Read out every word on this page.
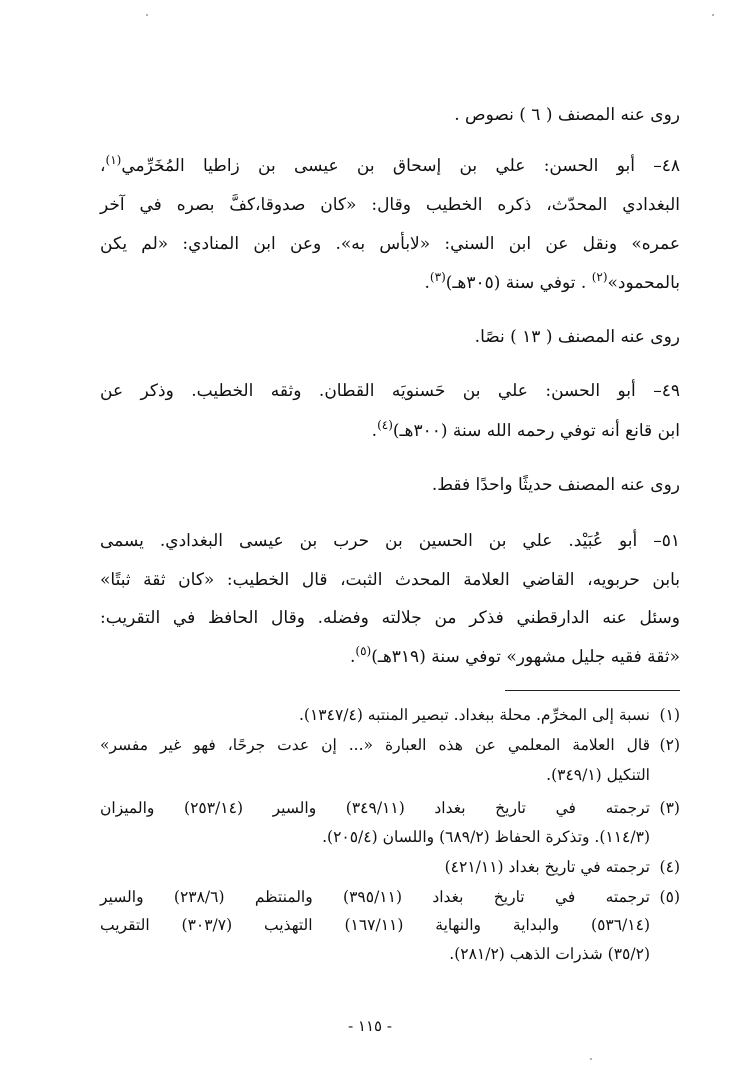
روى عنه المصنف ( ٦ ) نصوص .
٤٨– أبو الحسن: علي بن إسحاق بن عيسى بن زاطيا المُخَرِّمي$^{(١)}$،
البغدادي المحدّث، ذكره الخطيب وقال: «كان صدوقا،كفَّ بصره في آخر
عمره» ونقل عن ابن السني: «لابأس به». وعن ابن المنادي: «لم يكن
بالمحمود»$^{(٢)}$ . توفي سنة (٣٠٥هـ)$^{(٣)}$.
روى عنه المصنف ( ١٣ ) نصًا.
٤٩– أبو الحسن: علي بن حَسنويَه القطان. وثقه الخطيب. وذكر عن
ابن قانع أنه توفي رحمه الله سنة (٣٠٠هـ)$^{(٤)}$.
روى عنه المصنف حديثًا واحدًا فقط.
٥١– أبو عُبَيْد. علي بن الحسين بن حرب بن عيسى البغدادي. يسمى
بابن حربويه، القاضي العلامة المحدث الثبت، قال الخطيب: «كان ثقة ثبتًا»
وسئل عنه الدارقطني فذكر من جلالته وفضله. وقال الحافظ في التقريب:
«ثقة فقيه جليل مشهور» توفي سنة (٣١٩هـ)$^{(٥)}$.
(١)نسبة إلى المخرِّم. محلة ببغداد. تبصير المنتبه (١٣٤٧/٤).
(٢)قال العلامة المعلمي عن هذه العبارة «... إن عدت جرحًا، فهو غير مفسر»
التنكيل (٣٤٩/١).
(٣)ترجمته في تاريخ بغداد (٣٤٩/١١) والسير (٢٥٣/١٤) والميزان
(١١٤/٣). وتذكرة الحفاظ (٦٨٩/٢) واللسان (٢٠٥/٤).
(٤)ترجمته في تاريخ بغداد (٤٢١/١١)
(٥)ترجمته في تاريخ بغداد (٣٩٥/١١) والمنتظم (٢٣٨/٦) والسير
(٥٣٦/١٤) والبداية والنهاية (١٦٧/١١) التهذيب (٣٠٣/٧) التقريب
(٣٥/٢) شذرات الذهب (٢٨١/٢).
- ١١٥ -
